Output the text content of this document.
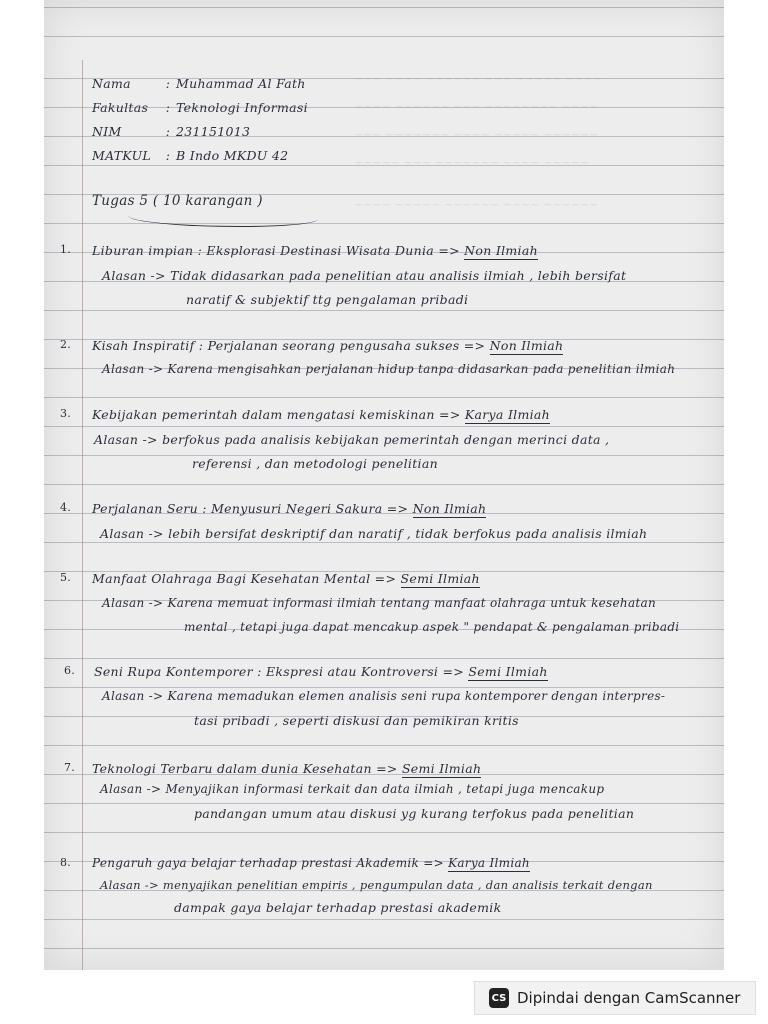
~~~ ~~~~ ~~~~~~ ~~~ ~~~~~ ~~~~
~~~~ ~~~~~~ ~~~ ~~~~~~~~ ~~~~
~~~ ~~~~~~~ ~~~~ ~~~~~ ~~~~~~
~~~~~ ~~~ ~~~~~~~ ~~~~ ~~~~~
~~~~ ~~~~~ ~~~~~~ ~~~~ ~~~~~~
Nama	: Muhammad Al Fath
Fakultas : Teknologi Informasi
NIM	: 231151013
MATKUL : B Indo MKDU 42
Tugas 5 ( 10 karangan )
1. Liburan impian : Eksplorasi Destinasi Wisata Dunia => Non Ilmiah
Alasan -> Tidak didasarkan pada penelitian atau analisis ilmiah , lebih bersifat
naratif & subjektif ttg pengalaman pribadi
2. Kisah Inspiratif : Perjalanan seorang pengusaha sukses => Non Ilmiah
Alasan -> Karena mengisahkan perjalanan hidup tanpa didasarkan pada penelitian ilmiah
3. Kebijakan pemerintah dalam mengatasi kemiskinan => Karya Ilmiah
Alasan -> berfokus pada analisis kebijakan pemerintah dengan merinci data ,
referensi , dan metodologi penelitian
4. Perjalanan Seru : Menyusuri Negeri Sakura => Non Ilmiah
Alasan -> lebih bersifat deskriptif dan naratif , tidak berfokus pada analisis ilmiah
5. Manfaat Olahraga Bagi Kesehatan Mental => Semi Ilmiah
Alasan -> Karena memuat informasi ilmiah tentang manfaat olahraga untuk kesehatan
mental , tetapi juga dapat mencakup aspek " pendapat & pengalaman pribadi
6. Seni Rupa Kontemporer : Ekspresi atau Kontroversi => Semi Ilmiah
Alasan -> Karena memadukan elemen analisis seni rupa kontemporer dengan interpres-
tasi pribadi , seperti diskusi dan pemikiran kritis
7. Teknologi Terbaru dalam dunia Kesehatan => Semi Ilmiah
Alasan -> Menyajikan informasi terkait dan data ilmiah , tetapi juga mencakup
pandangan umum atau diskusi yg kurang terfokus pada penelitian
8. Pengaruh gaya belajar terhadap prestasi Akademik => Karya Ilmiah
Alasan -> menyajikan penelitian empiris , pengumpulan data , dan analisis terkait dengan
dampak gaya belajar terhadap prestasi akademik
CS Dipindai dengan CamScanner
